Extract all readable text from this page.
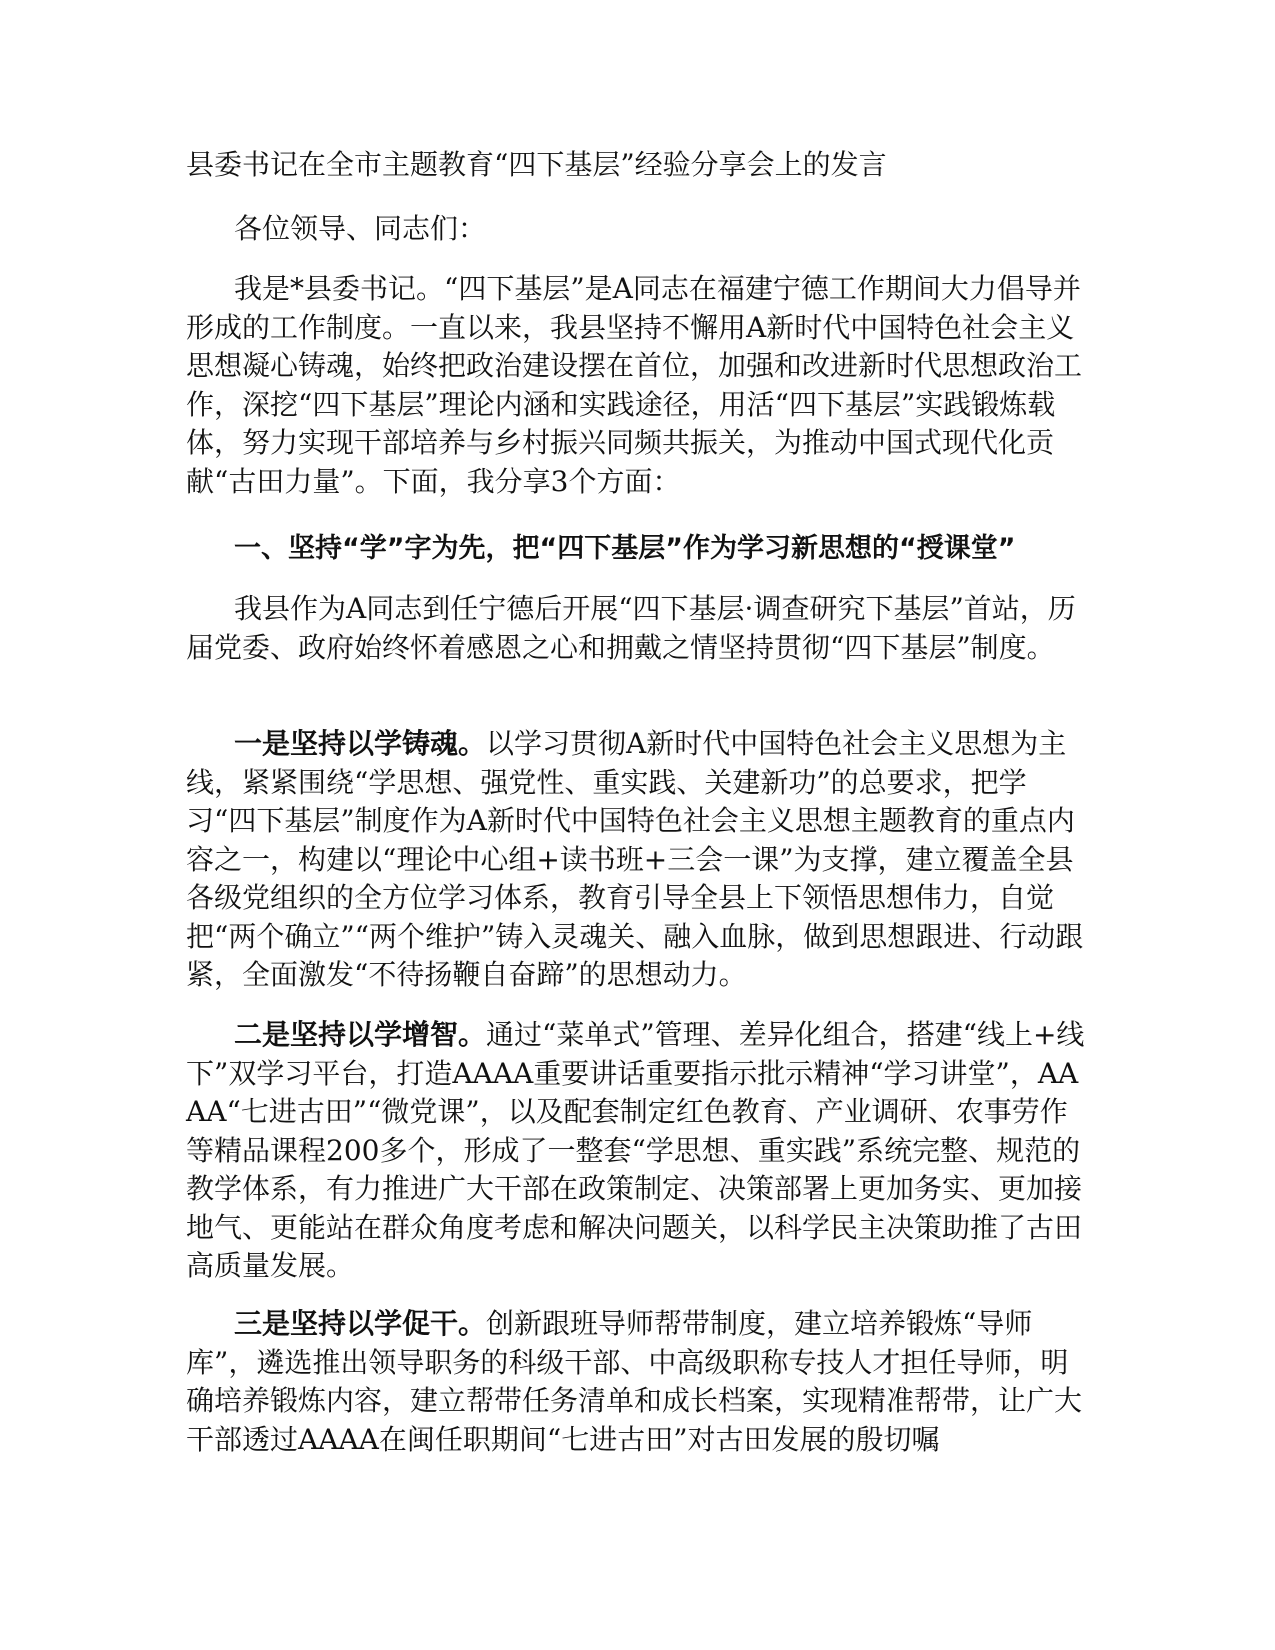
县委书记在全市主题教育“四下基层”经验分享会上的发言

各位领导、同志们：

我是*县委书记。“四下基层”是A同志在福建宁德工作期间大力倡导并形成的工作制度。一直以来，我县坚持不懈用A新时代中国特色社会主义思想凝心铸魂，始终把政治建设摆在首位，加强和改进新时代思想政治工作，深挖“四下基层”理论内涵和实践途径，用活“四下基层”实践锻炼载体，努力实现干部培养与乡村振兴同频共振关，为推动中国式现代化贡献“古田力量”。下面，我分享3个方面：

一、坚持“学”字为先，把“四下基层”作为学习新思想的“授课堂”

我县作为A同志到任宁德后开展“四下基层·调查研究下基层”首站，历届党委、政府始终怀着感恩之心和拥戴之情坚持贯彻“四下基层”制度。

一是坚持以学铸魂。以学习贯彻A新时代中国特色社会主义思想为主线，紧紧围绕“学思想、强党性、重实践、关建新功”的总要求，把学习“四下基层”制度作为A新时代中国特色社会主义思想主题教育的重点内容之一，构建以“理论中心组+读书班+三会一课”为支撑，建立覆盖全县各级党组织的全方位学习体系，教育引导全县上下领悟思想伟力，自觉把“两个确立”“两个维护”铸入灵魂关、融入血脉，做到思想跟进、行动跟紧，全面激发“不待扬鞭自奋蹄”的思想动力。

二是坚持以学增智。通过“菜单式”管理、差异化组合，搭建“线上+线下”双学习平台，打造AAAA重要讲话重要指示批示精神“学习讲堂”，AAAA“七进古田”“微党课”，以及配套制定红色教育、产业调研、农事劳作等精品课程200多个，形成了一整套“学思想、重实践”系统完整、规范的教学体系，有力推进广大干部在政策制定、决策部署上更加务实、更加接地气、更能站在群众角度考虑和解决问题关，以科学民主决策助推了古田高质量发展。

三是坚持以学促干。创新跟班导师帮带制度，建立培养锻炼“导师库”，遴选推出领导职务的科级干部、中高级职称专技人才担任导师，明确培养锻炼内容，建立帮带任务清单和成长档案，实现精准帮带，让广大干部透过AAAA在闽任职期间“七进古田”对古田发展的殷切嘱
